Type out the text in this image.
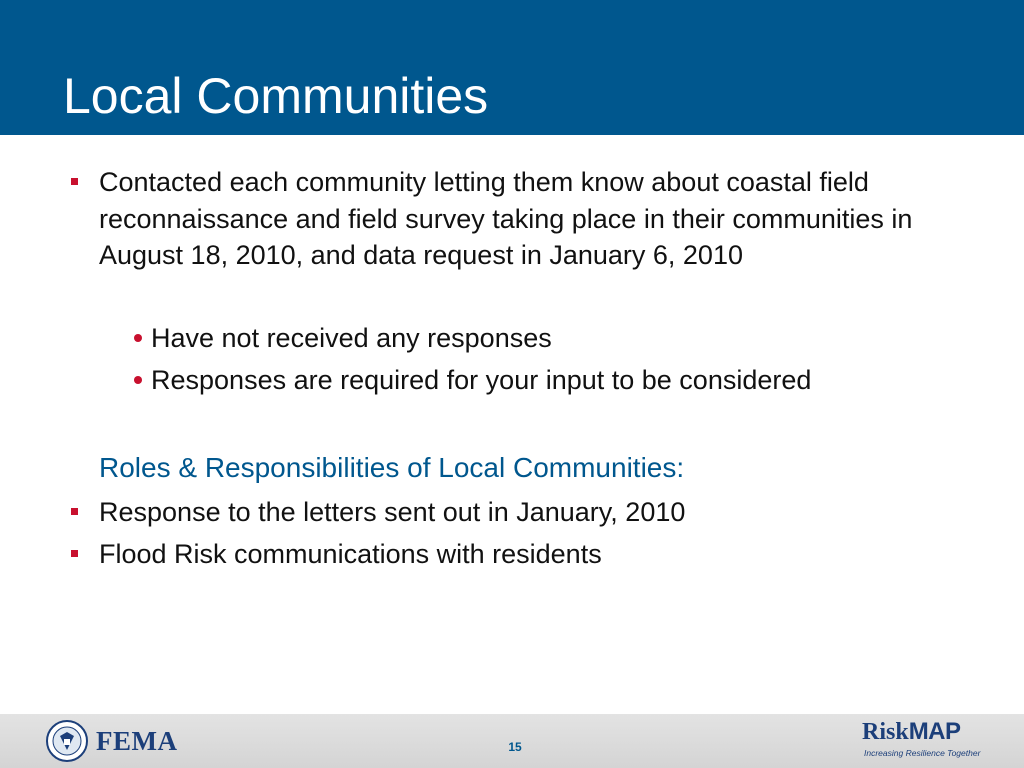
Local Communities
Contacted each community letting them know about coastal field reconnaissance and field survey taking place in their communities in August 18, 2010, and data request in January 6, 2010
Have not received any responses
Responses are required for your input to be considered
Roles & Responsibilities of Local Communities:
Response to the letters sent out in January, 2010
Flood Risk communications with residents
FEMA	15
RiskMAP
Increasing Resilience Together
